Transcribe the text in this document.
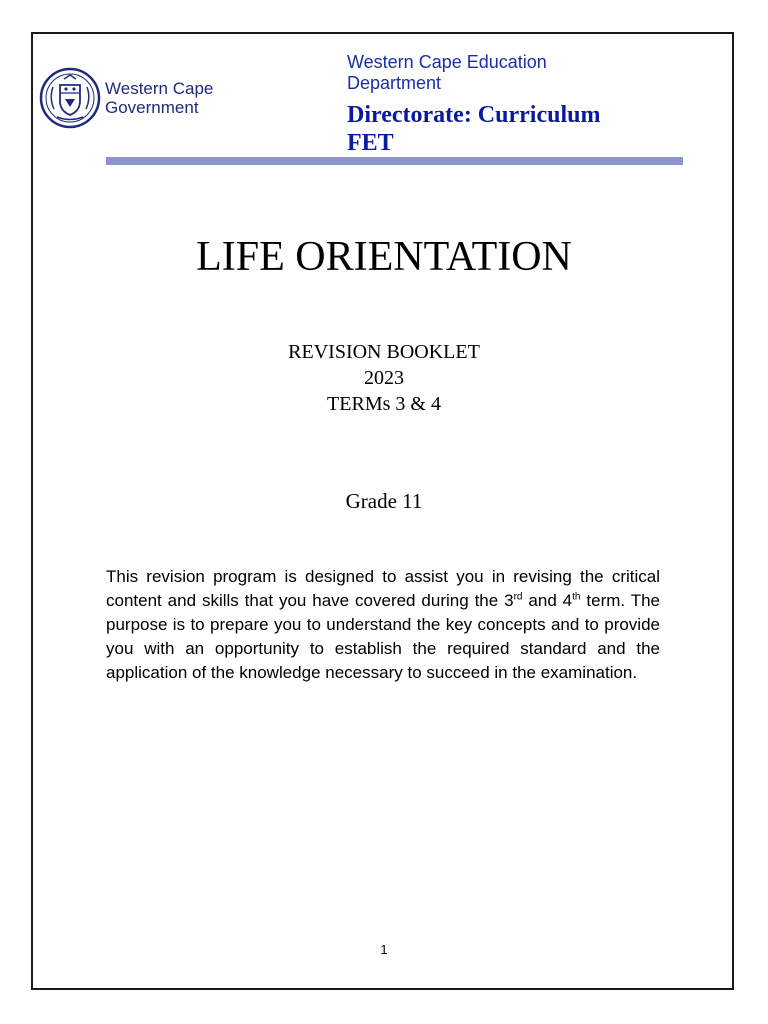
Western Cape
Government
Western Cape Education
Department
Directorate: Curriculum
FET
LIFE ORIENTATION
REVISION BOOKLET
2023
TERMs 3 & 4
Grade 11
This revision program is designed to assist you in revising the critical content and skills that you have covered during the 3rd and 4th term. The purpose is to prepare you to understand the key concepts and to provide you with an opportunity to establish the required standard and the application of the knowledge necessary to succeed in the examination.
1
